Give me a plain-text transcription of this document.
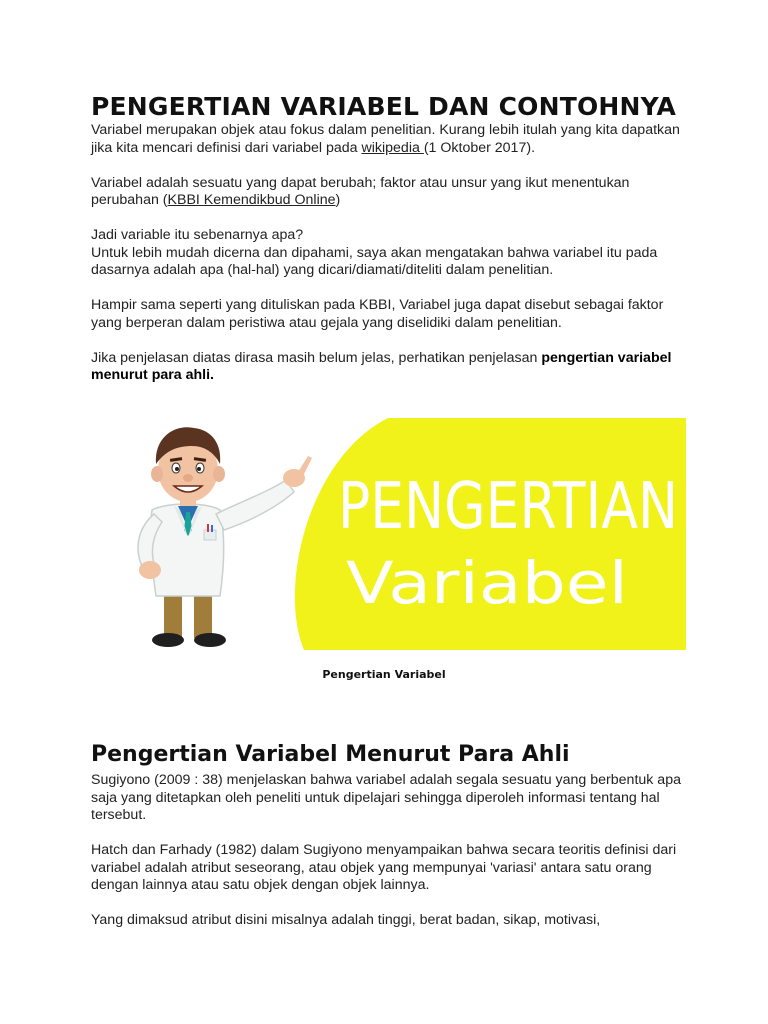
PENGERTIAN VARIABEL DAN CONTOHNYA

Variabel merupakan objek atau fokus dalam penelitian. Kurang lebih itulah yang kita dapatkan jika kita mencari definisi dari variabel pada wikipedia (1 Oktober 2017).

Variabel adalah sesuatu yang dapat berubah; faktor atau unsur yang ikut menentukan perubahan (KBBI Kemendikbud Online)

Jadi variable itu sebenarnya apa?
Untuk lebih mudah dicerna dan dipahami, saya akan mengatakan bahwa variabel itu pada dasarnya adalah apa (hal-hal) yang dicari/diamati/diteliti dalam penelitian.

Hampir sama seperti yang dituliskan pada KBBI, Variabel juga dapat disebut sebagai faktor yang berperan dalam peristiwa atau gejala yang diselidiki dalam penelitian.

Jika penjelasan diatas dirasa masih belum jelas, perhatikan penjelasan pengertian variabel menurut para ahli.

PENGERTIAN
Variabel
Pengertian Variabel
Pengertian Variabel Menurut Para Ahli

Sugiyono (2009 : 38) menjelaskan bahwa variabel adalah segala sesuatu yang berbentuk apa saja yang ditetapkan oleh peneliti untuk dipelajari sehingga diperoleh informasi tentang hal tersebut.

Hatch dan Farhady (1982) dalam Sugiyono menyampaikan bahwa secara teoritis definisi dari variabel adalah atribut seseorang, atau objek yang mempunyai 'variasi' antara satu orang dengan lainnya atau satu objek dengan objek lainnya.

Yang dimaksud atribut disini misalnya adalah tinggi, berat badan, sikap, motivasi,
